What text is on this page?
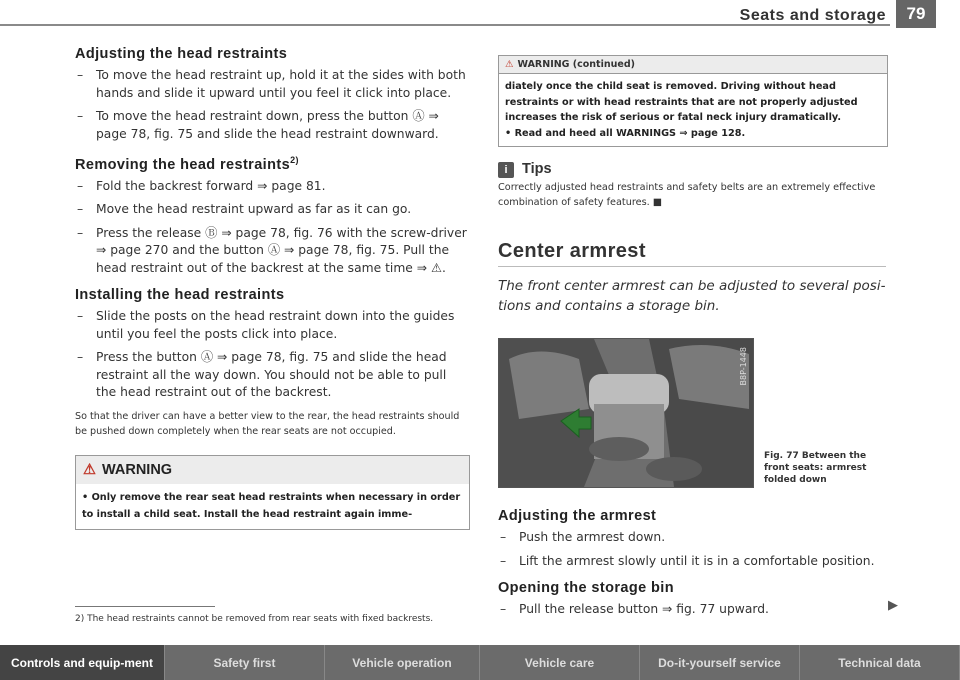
Seats and storage	79
Adjusting the head restraints
– To move the head restraint up, hold it at the sides with both hands and slide it upward until you feel it click into place.
– To move the head restraint down, press the button Ⓐ ⇒ page 78, fig. 75 and slide the head restraint downward.
Removing the head restraints$^{2)}$
– Fold the backrest forward ⇒ page 81.
– Move the head restraint upward as far as it can go.
– Press the release Ⓑ ⇒ page 78, fig. 76 with the screw-driver ⇒ page 270 and the button Ⓐ ⇒ page 78, fig. 75. Pull the head restraint out of the backrest at the same time ⇒ ⚠.
Installing the head restraints
– Slide the posts on the head restraint down into the guides until you feel the posts click into place.
– Press the button Ⓐ ⇒ page 78, fig. 75 and slide the head restraint all the way down. You should not be able to pull the head restraint out of the backrest.
So that the driver can have a better view to the rear, the head restraints should be pushed down completely when the rear seats are not occupied.
⚠ WARNING
• Only remove the rear seat head restraints when necessary in order to install a child seat. Install the head restraint again imme-
2) The head restraints cannot be removed from rear seats with fixed backrests.
⚠ WARNING (continued)
diately once the child seat is removed. Driving without head restraints or with head restraints that are not properly adjusted increases the risk of serious or fatal neck injury dramatically.
• Read and heed all WARNINGS ⇒ page 128.
i Tips
Correctly adjusted head restraints and safety belts are an extremely effective combination of safety features. ■
Center armrest
The front center armrest can be adjusted to several posi-tions and contains a storage bin.
B8P-1448
Fig. 77 Between the front seats: armrest folded down
Adjusting the armrest
– Push the armrest down.
– Lift the armrest slowly until it is in a comfortable position.
Opening the storage bin
– Pull the release button ⇒ fig. 77 upward.	▶
Controls and equip-ment	Safety first	Vehicle operation	Vehicle care	Do-it-yourself service	Technical data
